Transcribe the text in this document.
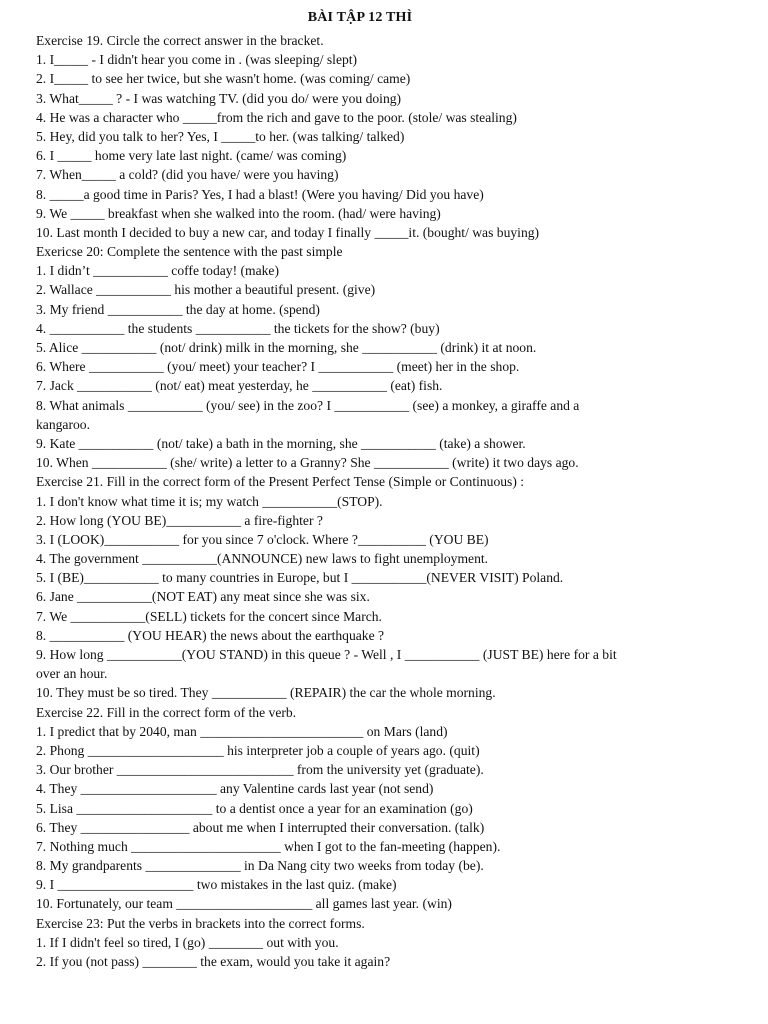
BÀI TẬP 12 THÌ
Exercise 19. Circle the correct answer in the bracket.
1. I_____ - I didn't hear you come in . (was sleeping/ slept)
2. I_____ to see her twice, but she wasn't home. (was coming/ came)
3. What_____ ? - I was watching TV. (did you do/ were you doing)
4. He was a character who _____from the rich and gave to the poor. (stole/ was stealing)
5. Hey, did you talk to her? Yes, I _____to her. (was talking/ talked)
6. I _____ home very late last night. (came/ was coming)
7. When_____ a cold? (did you have/ were you having)
8. _____a good time in Paris? Yes, I had a blast! (Were you having/ Did you have)
9. We _____ breakfast when she walked into the room. (had/ were having)
10. Last month I decided to buy a new car, and today I finally _____it. (bought/ was buying)
Exericse 20: Complete the sentence with the past simple
1. I didn’t ___________ coffe today! (make)
2. Wallace ___________ his mother a beautiful present. (give)
3. My friend ___________ the day at home. (spend)
4. ___________ the students ___________ the tickets for the show? (buy)
5. Alice ___________ (not/ drink) milk in the morning, she ___________ (drink) it at noon.
6. Where ___________ (you/ meet) your teacher? I ___________ (meet) her in the shop.
7. Jack ___________ (not/ eat) meat yesterday, he ___________ (eat) fish.
8. What animals ___________ (you/ see) in the zoo? I ___________ (see) a monkey, a giraffe and a
kangaroo.
9. Kate ___________ (not/ take) a bath in the morning, she ___________ (take) a shower.
10. When ___________ (she/ write) a letter to a Granny? She ___________ (write) it two days ago.
Exercise 21. Fill in the correct form of the Present Perfect Tense (Simple or Continuous) :
1. I don't know what time it is; my watch ___________(STOP).
2. How long (YOU BE)___________ a fire-fighter ?
3. I (LOOK)___________ for you since 7 o'clock. Where ?__________ (YOU BE)
4. The government ___________(ANNOUNCE) new laws to fight unemployment.
5. I (BE)___________ to many countries in Europe, but I ___________(NEVER VISIT) Poland.
6. Jane ___________(NOT EAT) any meat since she was six.
7. We ___________(SELL) tickets for the concert since March.
8. ___________ (YOU HEAR) the news about the earthquake ?
9. How long ___________(YOU STAND) in this queue ? - Well , I ___________ (JUST BE) here for a bit
over an hour.
10. They must be so tired. They ___________ (REPAIR) the car the whole morning.
Exercise 22. Fill in the correct form of the verb.
1. I predict that by 2040, man ________________________ on Mars (land)
2. Phong ____________________ his interpreter job a couple of years ago. (quit)
3. Our brother __________________________ from the university yet (graduate).
4. They ____________________ any Valentine cards last year (not send)
5. Lisa ____________________ to a dentist once a year for an examination (go)
6. They ________________ about me when I interrupted their conversation. (talk)
7. Nothing much ______________________ when I got to the fan-meeting (happen).
8. My grandparents ______________ in Da Nang city two weeks from today (be).
9. I ____________________ two mistakes in the last quiz. (make)
10. Fortunately, our team ____________________ all games last year. (win)
Exercise 23: Put the verbs in brackets into the correct forms.
1. If I didn't feel so tired, I (go) ________ out with you.
2. If you (not pass) ________ the exam, would you take it again?
